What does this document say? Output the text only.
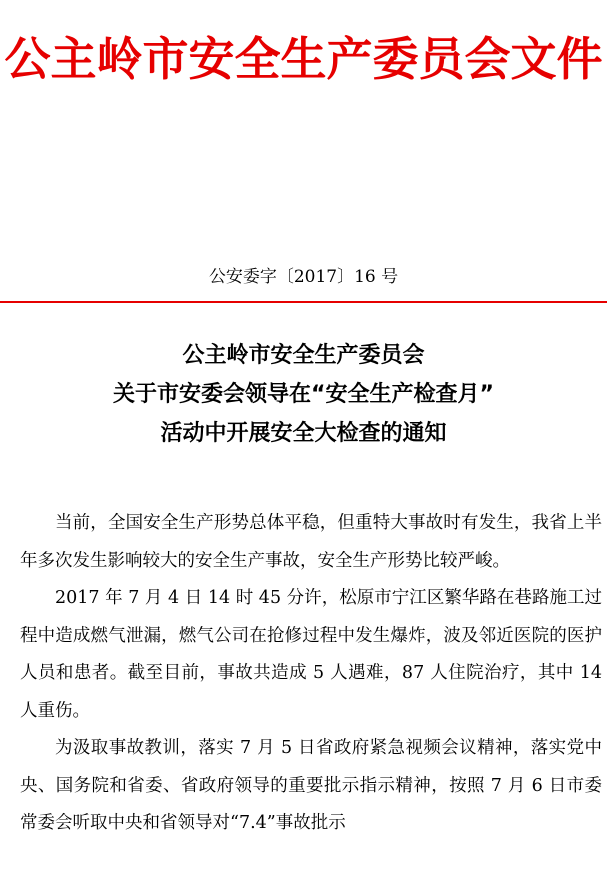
公主岭市安全生产委员会文件
公安委字〔2017〕16 号
公主岭市安全生产委员会
关于市安委会领导在“安全生产检查月”
活动中开展安全大检查的通知

当前，全国安全生产形势总体平稳，但重特大事故时有发生，我省上半年多次发生影响较大的安全生产事故，安全生产形势比较严峻。

2017 年 7 月 4 日 14 时 45 分许，松原市宁江区繁华路在巷路施工过程中造成燃气泄漏，燃气公司在抢修过程中发生爆炸，波及邻近医院的医护人员和患者。截至目前，事故共造成 5 人遇难，87 人住院治疗，其中 14 人重伤。

为汲取事故教训，落实 7 月 5 日省政府紧急视频会议精神，落实党中央、国务院和省委、省政府领导的重要批示指示精神，按照 7 月 6 日市委常委会听取中央和省领导对“7.4”事故批示
